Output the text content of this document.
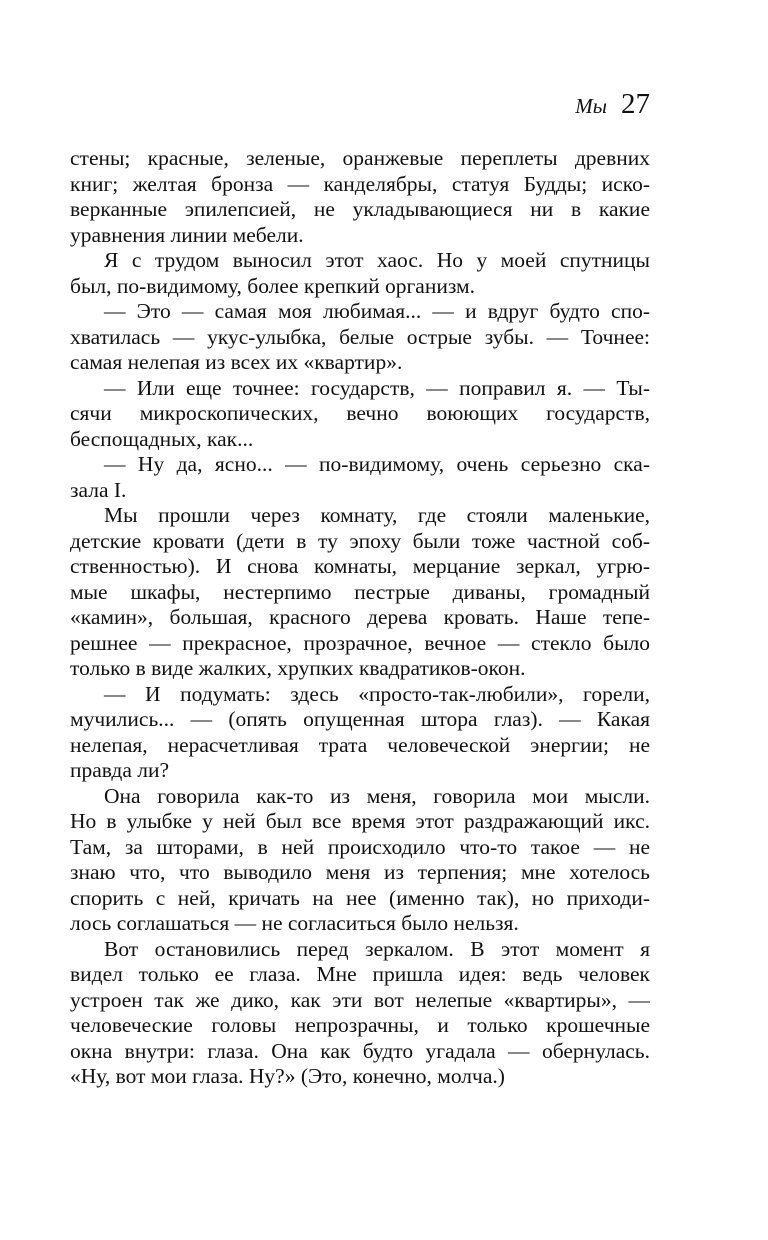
Мы 27
стены; красные, зеленые, оранжевые переплеты древних
книг; желтая бронза — канделябры, статуя Будды; иско-
верканные эпилепсией, не укладывающиеся ни в какие
уравнения линии мебели.
Я с трудом выносил этот хаос. Но у моей спутницы
был, по-видимому, более крепкий организм.
— Это — самая моя любимая... — и вдруг будто спо-
хватилась — укус-улыбка, белые острые зубы. — Точнее:
самая нелепая из всех их «квартир».
— Или еще точнее: государств, — поправил я. — Ты-
сячи микроскопических, вечно воюющих государств,
беспощадных, как...
— Ну да, ясно... — по-видимому, очень серьезно ска-
зала I.
Мы прошли через комнату, где стояли маленькие,
детские кровати (дети в ту эпоху были тоже частной соб-
ственностью). И снова комнаты, мерцание зеркал, угрю-
мые шкафы, нестерпимо пестрые диваны, громадный
«камин», большая, красного дерева кровать. Наше тепе-
решнее — прекрасное, прозрачное, вечное — стекло было
только в виде жалких, хрупких квадратиков-окон.
— И подумать: здесь «просто-так-любили», горели,
мучились... — (опять опущенная штора глаз). — Какая
нелепая, нерасчетливая трата человеческой энергии; не
правда ли?
Она говорила как-то из меня, говорила мои мысли.
Но в улыбке у ней был все время этот раздражающий икс.
Там, за шторами, в ней происходило что-то такое — не
знаю что, что выводило меня из терпения; мне хотелось
спорить с ней, кричать на нее (именно так), но приходи-
лось соглашаться — не согласиться было нельзя.
Вот остановились перед зеркалом. В этот момент я
видел только ее глаза. Мне пришла идея: ведь человек
устроен так же дико, как эти вот нелепые «квартиры», —
человеческие головы непрозрачны, и только крошечные
окна внутри: глаза. Она как будто угадала — обернулась.
«Ну, вот мои глаза. Ну?» (Это, конечно, молча.)
